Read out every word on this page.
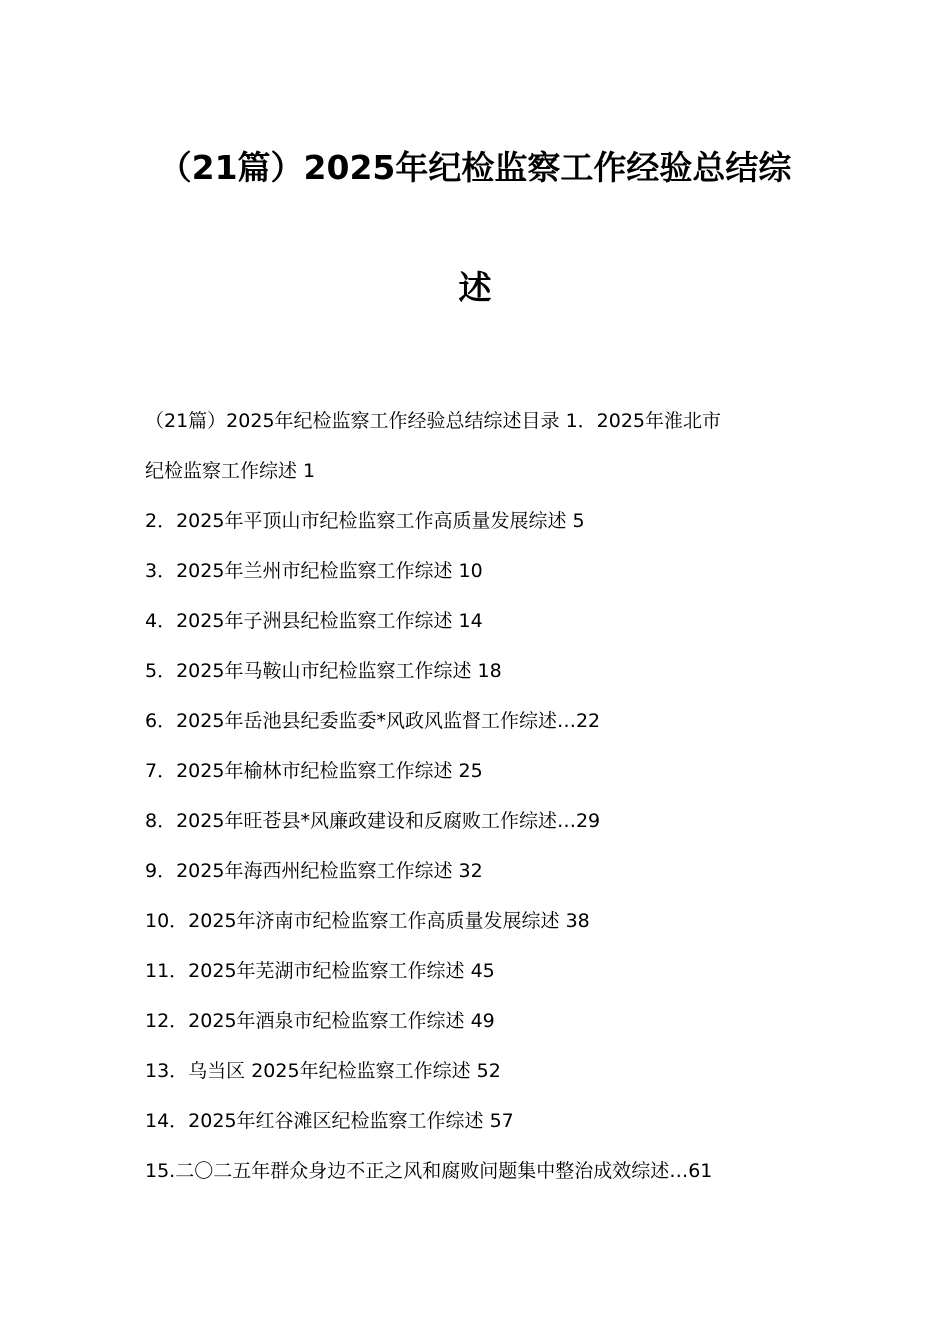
（21篇）2025年纪检监察工作经验总结综
述
（21篇）2025年纪检监察工作经验总结综述目录 1．2025年淮北市
纪检监察工作综述 1
2．2025年平顶山市纪检监察工作高质量发展综述 5
3．2025年兰州市纪检监察工作综述 10
4．2025年子洲县纪检监察工作综述 14
5．2025年马鞍山市纪检监察工作综述 18
6．2025年岳池县纪委监委*风政风监督工作综述…22
7．2025年榆林市纪检监察工作综述 25
8．2025年旺苍县*风廉政建设和反腐败工作综述…29
9．2025年海西州纪检监察工作综述 32
10．2025年济南市纪检监察工作高质量发展综述 38
11．2025年芜湖市纪检监察工作综述 45
12．2025年酒泉市纪检监察工作综述 49
13．乌当区 2025年纪检监察工作综述 52
14．2025年红谷滩区纪检监察工作综述 57
15.二〇二五年群众身边不正之风和腐败问题集中整治成效综述…61
